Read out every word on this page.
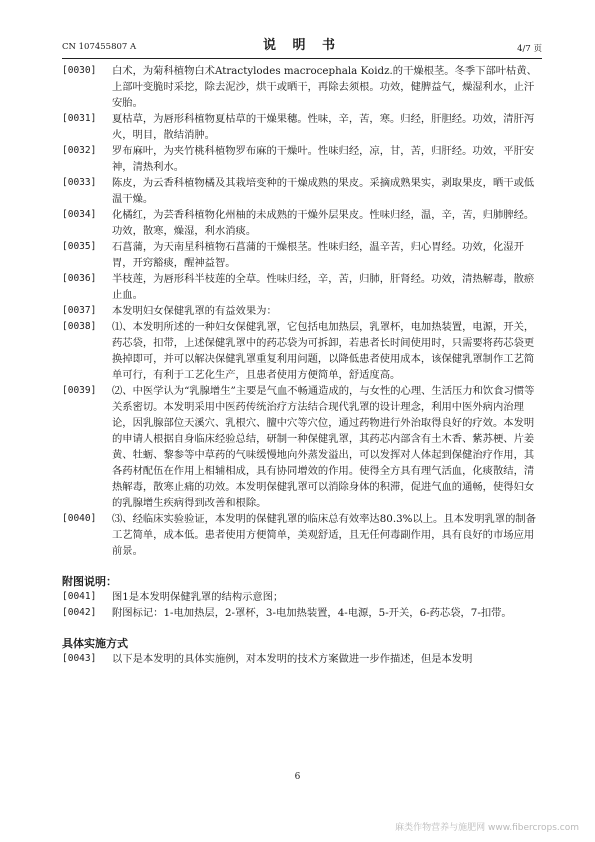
CN 107455807 A	说 明 书	4/7 页
[0030]	白术，为菊科植物白术Atractylodes macrocephala Koidz.的干燥根茎。冬季下部叶枯黄、上部叶变脆时采挖，除去泥沙，烘干或晒干，再除去须根。功效，健脾益气，燥湿利水，止汗安胎。
[0031]	夏枯草，为唇形科植物夏枯草的干燥果穗。性味，辛，苦，寒。归经，肝胆经。功效，清肝泻火，明目，散结消肿。
[0032]	罗布麻叶，为夹竹桃科植物罗布麻的干燥叶。性味归经，凉，甘，苦，归肝经。功效，平肝安神，清热利水。
[0033]	陈皮，为云香科植物橘及其栽培变种的干燥成熟的果皮。采摘成熟果实，剥取果皮，晒干或低温干燥。
[0034]	化橘红，为芸香科植物化州柚的未成熟的干燥外层果皮。性味归经，温，辛，苦，归肺脾经。功效，散寒，燥湿，利水消痰。
[0035]	石菖蒲，为天南星科植物石菖蒲的干燥根茎。性味归经，温辛苦，归心胃经。功效，化湿开胃，开窍豁痰，醒神益智。
[0036]	半枝莲，为唇形科半枝莲的全草。性味归经，辛，苦，归肺，肝肾经。功效，清热解毒，散瘀止血。
[0037]	本发明妇女保健乳罩的有益效果为：
[0038]	⑴、本发明所述的一种妇女保健乳罩，它包括电加热层，乳罩杯，电加热装置，电源，开关，药芯袋，扣带，上述保健乳罩中的药芯袋为可拆卸，若患者长时间使用时，只需要将药芯袋更换掉即可，并可以解决保健乳罩重复利用问题，以降低患者使用成本，该保健乳罩制作工艺简单可行，有利于工艺化生产，且患者使用方便简单，舒适度高。
[0039]	⑵、中医学认为“乳腺增生”主要是气血不畅通造成的，与女性的心理、生活压力和饮食习惯等关系密切。本发明采用中医药传统治疗方法结合现代乳罩的设计理念，利用中医外病内治理论，因乳腺部位天溪穴、乳根穴、膻中穴等穴位，通过药物进行外治取得良好的疗效。本发明的申请人根据自身临床经验总结，研制一种保健乳罩，其药芯内部含有土木香、紫苏梗、片姜黄、牡蛎、黎参等中草药的气味缓慢地向外蒸发溢出，可以发挥对人体起到保健治疗作用，其各药材配伍在作用上相辅相成，具有协同增效的作用。使得全方具有理气活血，化痰散结，清热解毒，散寒止痛的功效。本发明保健乳罩可以消除身体的积滞，促进气血的通畅，使得妇女的乳腺增生疾病得到改善和根除。
[0040]	⑶、经临床实验验证，本发明的保健乳罩的临床总有效率达80.3%以上。且本发明乳罩的制备工艺简单，成本低。患者使用方便简单，美观舒适，且无任何毒副作用，具有良好的市场应用前景。

附图说明：

[0041]	图1是本发明保健乳罩的结构示意图；
[0042]	附图标记：1-电加热层，2-罩杯，3-电加热装置，4-电源，5-开关，6-药芯袋，7-扣带。

具体实施方式

[0043]	以下是本发明的具体实施例，对本发明的技术方案做进一步作描述，但是本发明
6
麻类作物营养与施肥网 www.fibercrops.com
